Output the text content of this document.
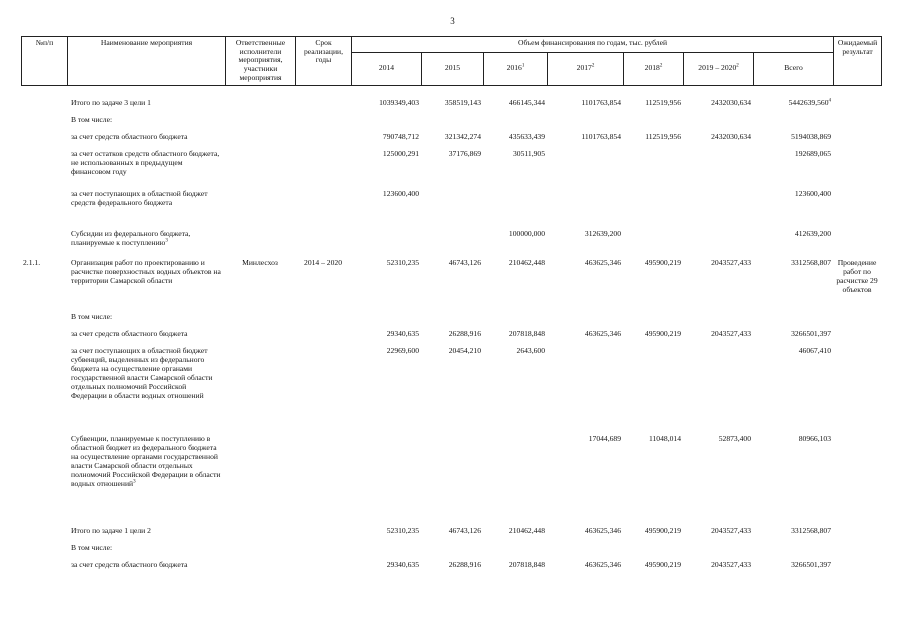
3
№п/п	Наименование мероприятия	Ответственные исполнители мероприятия, участники мероприятия	Срок реализации, годы	Объем финансирования по годам, тыс. рублей							Ожидаемый результат
				2014	2015	2016$^1$	2017$^2$	2018$^2$	2019 – 2020$^2$	Всего	
	Итого по задаче 3 цели 1			1039349,403	358519,143	466145,344	1101763,854	112519,956	2432030,634	5442639,560$^4$	
	В том числе:										
	за счет средств областного бюджета			790748,712	321342,274	435633,439	1101763,854	112519,956	2432030,634	5194038,869	
	за счет остатков средств областного бюджета, не использованных в предыдущем финансовом году			125000,291	37176,869	30511,905				192689,065	
	за счет поступающих в областной бюджет средств федерального бюджета			123600,400						123600,400	
	Субсидии из федерального бюджета, планируемые к поступлению$^3$					100000,000	312639,200			412639,200	
2.1.1.	Организация работ по проектированию и расчистке поверхностных водных объектов на территории Самарской области	Минлесхоз	2014 – 2020	52310,235	46743,126	210462,448	463625,346	495900,219	2043527,433	3312568,807	Проведение работ по расчистке 29 объектов
	В том числе:										
	за счет средств областного бюджета			29340,635	26288,916	207818,848	463625,346	495900,219	2043527,433	3266501,397	
	за счет поступающих в областной бюджет субвенций, выделенных из федерального бюджета на осуществление органами государственной власти Самарской области отдельных полномочий Российской Федерации в области водных отношений			22969,600	20454,210	2643,600				46067,410	
	Субвенции, планируемые к поступлению в областной бюджет из федерального бюджета на осуществление органами государственной власти Самарской области отдельных полномочий Российской Федерации в области водных отношений$^3$						17044,689	11048,014	52873,400	80966,103	
	Итого по задаче 1 цели 2			52310,235	46743,126	210462,448	463625,346	495900,219	2043527,433	3312568,807	
	В том числе:										
	за счет средств областного бюджета			29340,635	26288,916	207818,848	463625,346	495900,219	2043527,433	3266501,397	
